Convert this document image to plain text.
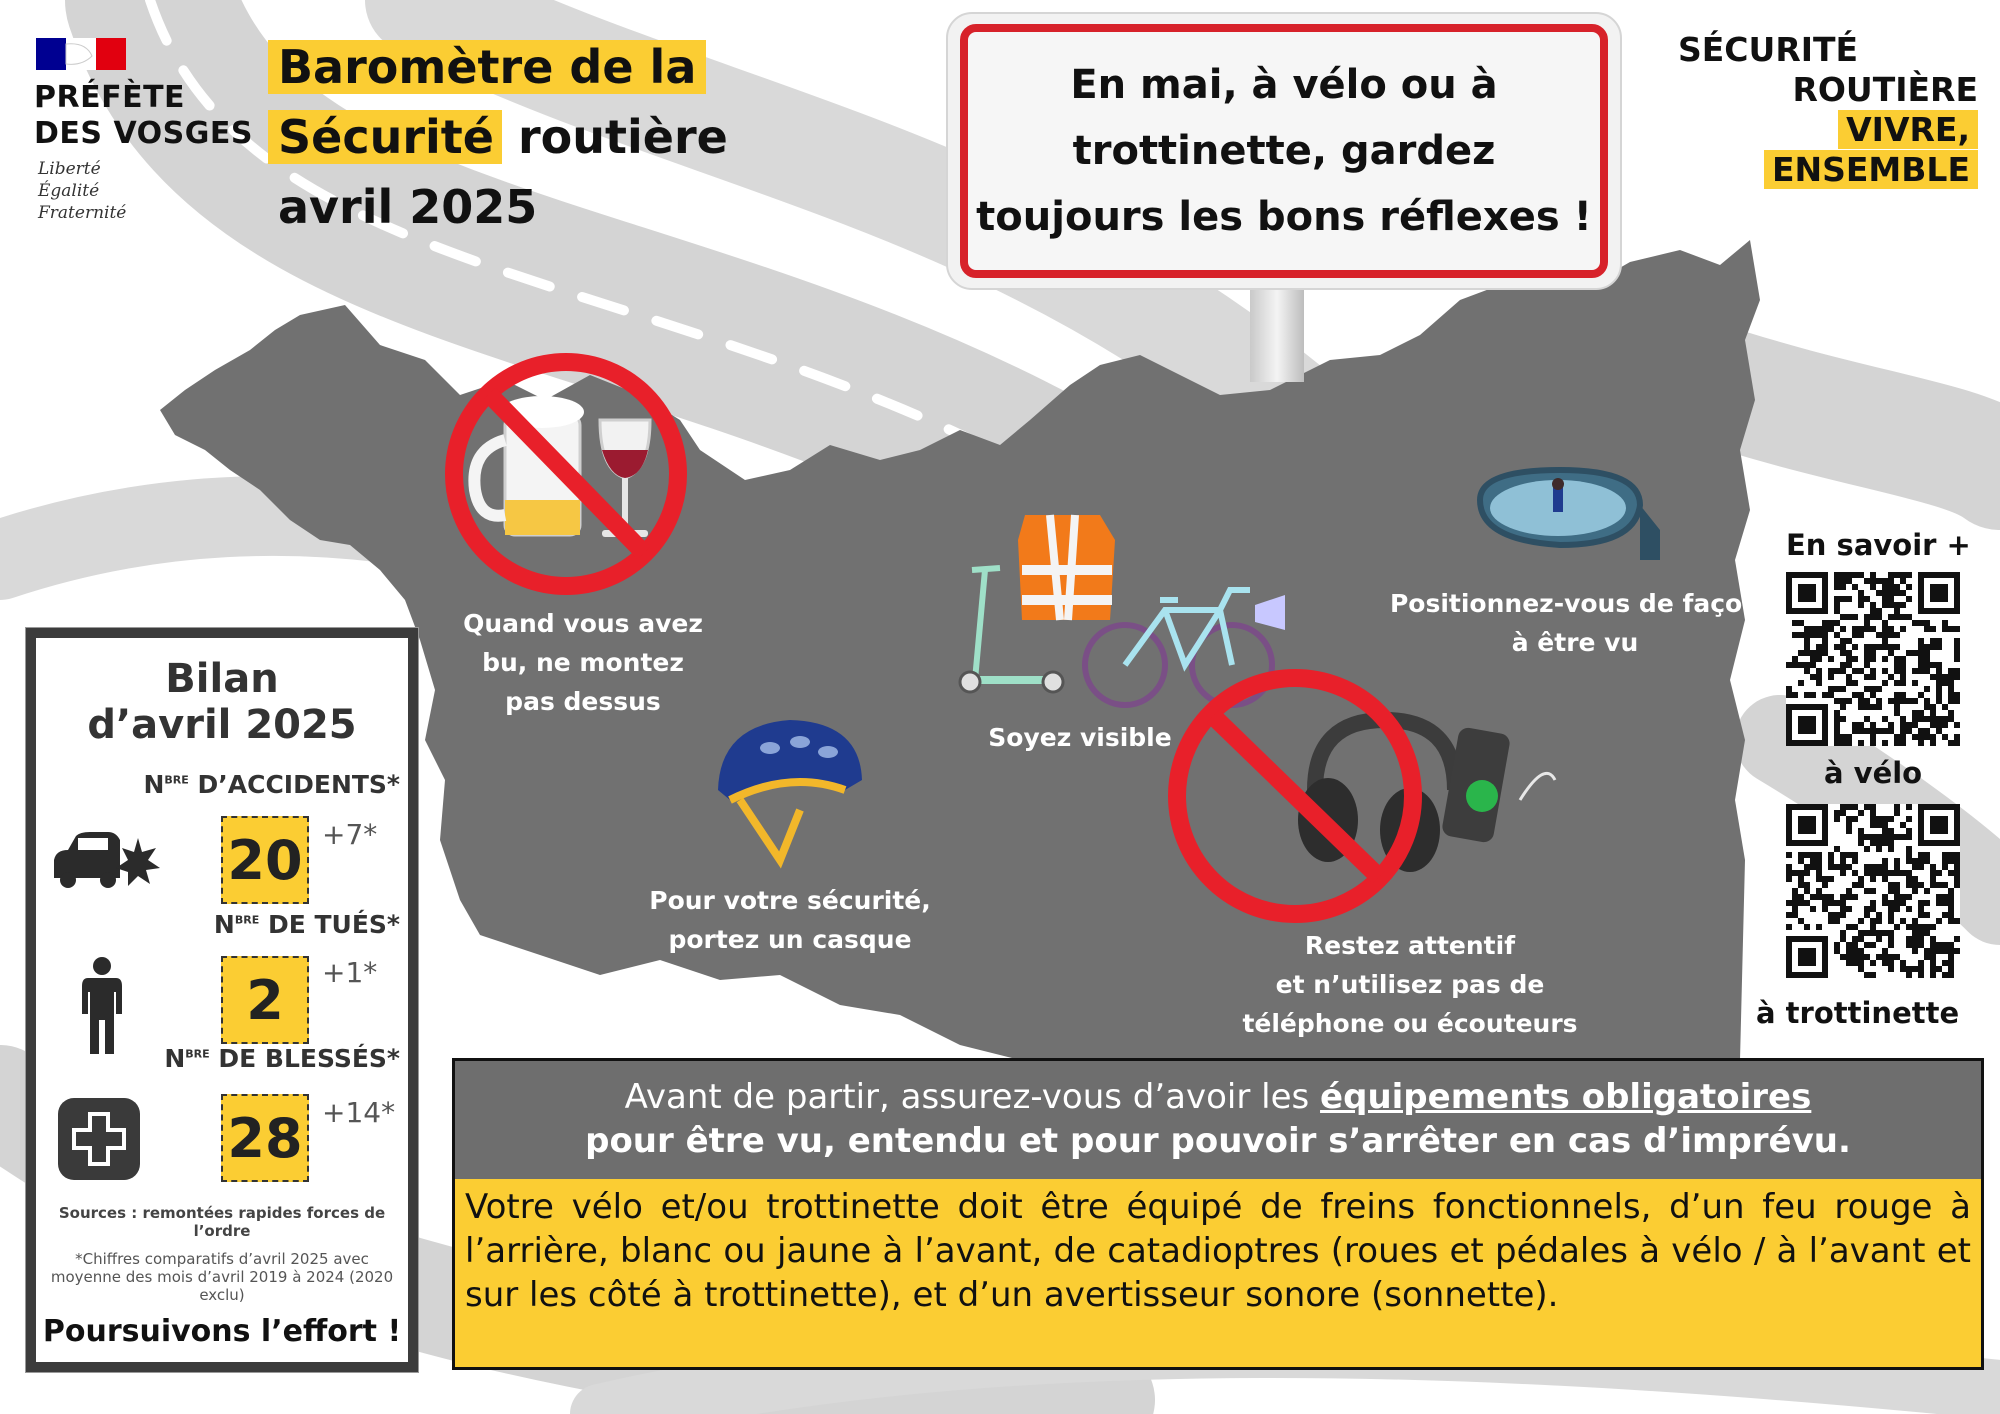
PRÉFÈTE
DES VOSGES
Liberté
Égalité
Fraternité
Baromètre de la
Sécurité routière
avril 2025
En mai, à vélo ou à
trottinette, gardez
toujours les bons réflexes !
SÉCURITÉ
ROUTIÈRE VIVRE,
ENSEMBLE
Quand vous avez
bu, ne montez
pas dessus
Pour votre sécurité,
portez un casque
Soyez visible
Positionnez-vous de façon
à être vu
Restez attentif
et n’utilisez pas de
téléphone ou écouteurs
Bilan
d’avril 2025
$N^{BRE}$ D’ACCIDENTS*
20 +7*
$N^{BRE}$ DE TUÉS*
2	+1*
$N^{BRE}$ DE BLESSÉS*
28 +14*
Sources : remontées rapides forces de l’ordre
*Chiffres comparatifs d’avril 2025 avec moyenne des mois d’avril 2019 à 2024 (2020 exclu)
Poursuivons l’effort !
En savoir +
à vélo
à trottinette
Avant de partir, assurez-vous d’avoir les équipements obligatoires
pour être vu, entendu et pour pouvoir s’arrêter en cas d’imprévu.
Votre vélo et/ou trottinette doit être équipé de freins fonctionnels, d’un feu rouge à l’arrière, blanc ou jaune à l’avant, de catadioptres (roues et pédales à vélo / à l’avant et sur les côté à trottinette), et d’un avertisseur sonore (sonnette).
